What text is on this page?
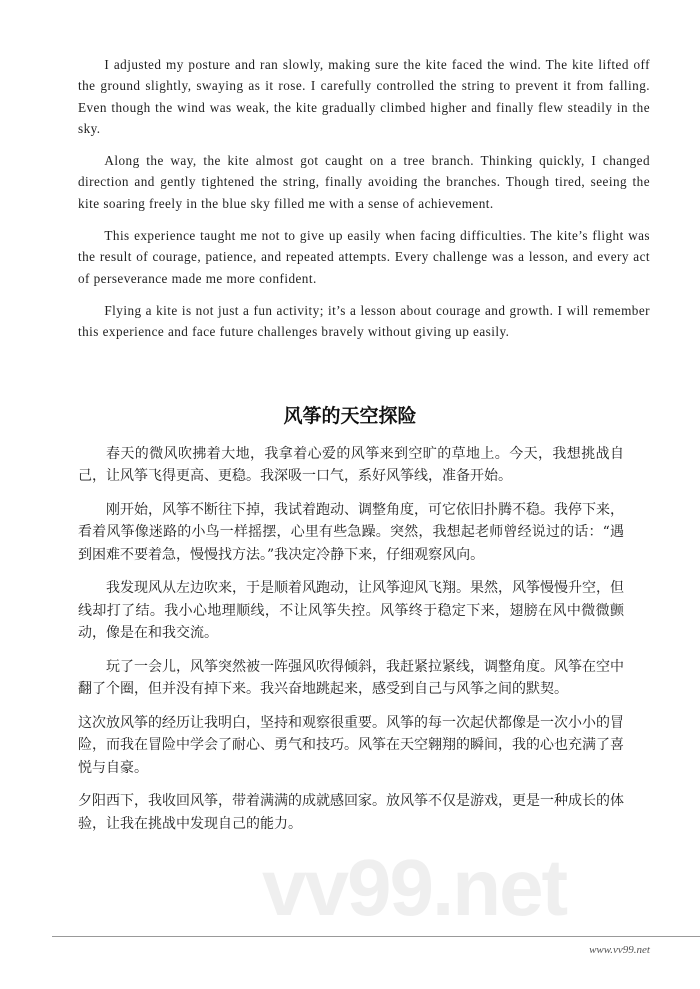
I adjusted my posture and ran slowly, making sure the kite faced the wind. The kite lifted off the ground slightly, swaying as it rose. I carefully controlled the string to prevent it from falling. Even though the wind was weak, the kite gradually climbed higher and finally flew steadily in the sky.

Along the way, the kite almost got caught on a tree branch. Thinking quickly, I changed direction and gently tightened the string, finally avoiding the branches. Though tired, seeing the kite soaring freely in the blue sky filled me with a sense of achievement.

This experience taught me not to give up easily when facing difficulties. The kite’s flight was the result of courage, patience, and repeated attempts. Every challenge was a lesson, and every act of perseverance made me more confident.

Flying a kite is not just a fun activity; it’s a lesson about courage and growth. I will remember this experience and face future challenges bravely without giving up easily.

风筝的天空探险

春天的微风吹拂着大地，我拿着心爱的风筝来到空旷的草地上。今天，我想挑战自己，让风筝飞得更高、更稳。我深吸一口气，系好风筝线，准备开始。

刚开始，风筝不断往下掉，我试着跑动、调整角度，可它依旧扑腾不稳。我停下来，看着风筝像迷路的小鸟一样摇摆，心里有些急躁。突然，我想起老师曾经说过的话：“遇到困难不要着急，慢慢找方法。”我决定冷静下来，仔细观察风向。

我发现风从左边吹来，于是顺着风跑动，让风筝迎风飞翔。果然，风筝慢慢升空，但线却打了结。我小心地理顺线，不让风筝失控。风筝终于稳定下来，翅膀在风中微微颤动，像是在和我交流。

玩了一会儿，风筝突然被一阵强风吹得倾斜，我赶紧拉紧线，调整角度。风筝在空中翻了个圈，但并没有掉下来。我兴奋地跳起来，感受到自己与风筝之间的默契。

这次放风筝的经历让我明白，坚持和观察很重要。风筝的每一次起伏都像是一次小小的冒险，而我在冒险中学会了耐心、勇气和技巧。风筝在天空翱翔的瞬间，我的心也充满了喜悦与自豪。

夕阳西下，我收回风筝，带着满满的成就感回家。放风筝不仅是游戏，更是一种成长的体验，让我在挑战中发现自己的能力。

vv99.net
www.vv99.net
